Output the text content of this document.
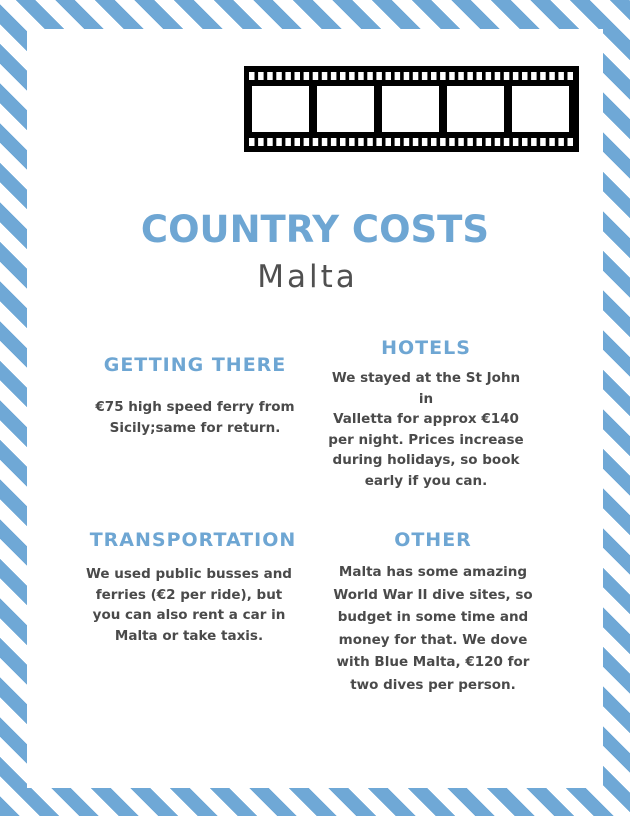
COUNTRY COSTS
Malta
GETTING THERE
€75 high speed ferry from
Sicily;same for return.
HOTELS
We stayed at the St John in
Valletta for approx €140
per night. Prices increase
during holidays, so book
early if you can.
TRANSPORTATION
We used public busses and
ferries (€2 per ride), but
you can also rent a car in
Malta or take taxis.
OTHER
Malta has some amazing
World War II dive sites, so
budget in some time and
money for that. We dove
with Blue Malta, €120 for
two dives per person.
